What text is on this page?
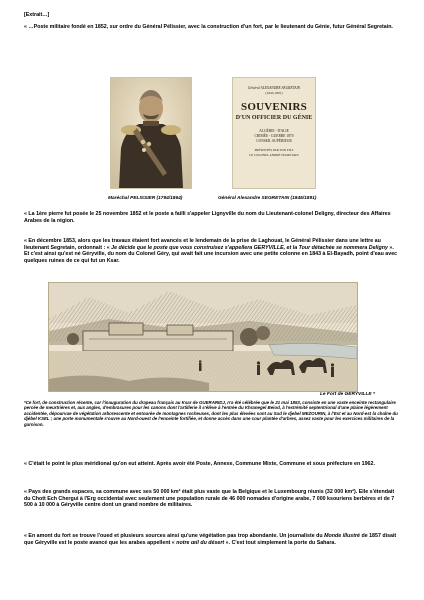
[Extrait…]

« …Poste militaire fondé en 1852, sur ordre du Général Pélissier, avec la construction d'un fort, par le lieutenant du Génie, futur Général Segretain.

Général ALEXANDRE SEGRETAIN
(1845-1891)
SOUVENIRS
D'UN OFFICIER DU GÉNIE
ALGÉRIE - ITALIE
CRIMÉE - GUERRE 1870
CONSEIL SUPÉRIEUR
PRÉSENTÉS PAR SON FILS
LE COLONEL ANDRÉ SEGRETAIN
Maréchal PELISSIER (1794/1864)	Général Alexandre SEGRETAIN (1845/1891)

« La 1ère pierre fut posée le 25 novembre 1852 et le poste a failli s'appeler Lignyville du nom du Lieutenant-colonel Deligny, directeur des Affaires Arabes de la région.

« En décembre 1853, alors que les travaux étaient fort avancés et le lendemain de la prise de Laghouat, le Général Pélissier dans une lettre au lieutenant Segretain, ordonnait : « Je décide que le poste que vous construisez s'appellera GERYVILLE, et la Tour détachée se nommera Deligny ». Et c'est ainsi qu'est né Géryville, du nom du Colonel Géry, qui avait fait une incursion avec une petite colonne en 1843 à El-Bayadh, point d'eau avec quelques ruines de ce qui fut un Ksar.

Le Fort de GERYVILLE *

*Ce fort, de construction récente, car l'inauguration du drapeau français au Ksar de GUERARIDJ, n'a été célébrée que le 21 mai 1853, consiste en une vaste enceinte rectangulaire percée de meurtrières et, aux angles, d'embrasures pour les canons dont l'artillerie il s'élève à l'entrée du Khranegel Beiod, à l'extrémité septentrional d'une plaine légèrement accidentée, dépourvue de végétation arborescente et entourée de montagnes rocheuses, dont les plus élevées sont au Sud le djebel MEZOURIN, à l'Est et au Nord-est la chaîne du djébel KSEL ; une porte monumentale s'ouvre au Nord-ouest de l'enceinte fortifiée, et donne accès dans une cour plantée d'arbres, assez vaste pour les exercices militaires de la garnison.

« C'était le point le plus méridional qu'on eut atteint. Après avoir été Poste, Annexe, Commune Mixte, Commune et sous préfecture en 1962.

« Pays des grands espaces, sa commune avec ses 50 000 km² était plus vaste que la Belgique et le Luxembourg réunis (32 000 km²). Elle s'étendait du Chott Ech Chergui à l'Erg occidental avec seulement une population rurale de 46 000 nomades d'origine arabe, 7 000 ksouriens berbères et de 7 500 à 10 000 à Géryville centre dont un grand nombre de militaires.

« En amont du fort se trouve l'oued et plusieurs sources ainsi qu'une végétation pas trop abondante. Un journaliste du Monde illustré de 1857 disait que Géryville est le poste avancé que les arabes appellent « notre œil du désert ». C'est tout simplement la porte du Sahara.
